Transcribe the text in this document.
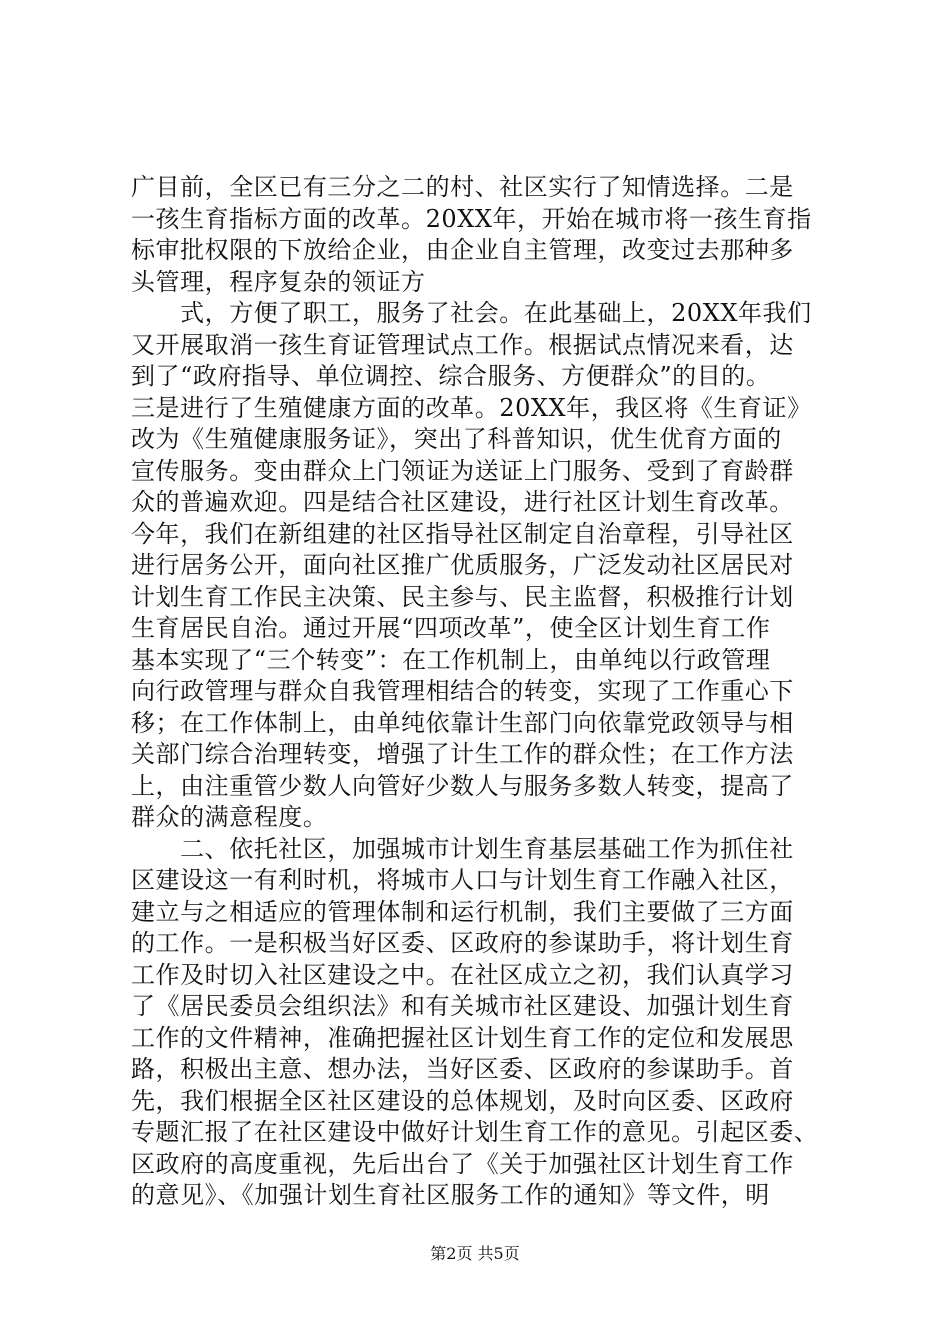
广目前，全区已有三分之二的村、社区实行了知情选择。二是
一孩生育指标方面的改革。20XX年，开始在城市将一孩生育指
标审批权限的下放给企业，由企业自主管理，改变过去那种多
头管理，程序复杂的领证方
　　式，方便了职工，服务了社会。在此基础上，20XX年我们
又开展取消一孩生育证管理试点工作。根据试点情况来看，达
到了“政府指导、单位调控、综合服务、方便群众”的目的。
三是进行了生殖健康方面的改革。20XX年，我区将《生育证》
改为《生殖健康服务证》，突出了科普知识，优生优育方面的
宣传服务。变由群众上门领证为送证上门服务、受到了育龄群
众的普遍欢迎。四是结合社区建设，进行社区计划生育改革。
今年，我们在新组建的社区指导社区制定自治章程，引导社区
进行居务公开，面向社区推广优质服务，广泛发动社区居民对
计划生育工作民主决策、民主参与、民主监督，积极推行计划
生育居民自治。通过开展“四项改革”，使全区计划生育工作
基本实现了“三个转变”：在工作机制上，由单纯以行政管理
向行政管理与群众自我管理相结合的转变，实现了工作重心下
移；在工作体制上，由单纯依靠计生部门向依靠党政领导与相
关部门综合治理转变，增强了计生工作的群众性；在工作方法
上，由注重管少数人向管好少数人与服务多数人转变，提高了
群众的满意程度。
　　二、依托社区，加强城市计划生育基层基础工作为抓住社
区建设这一有利时机，将城市人口与计划生育工作融入社区，
建立与之相适应的管理体制和运行机制，我们主要做了三方面
的工作。一是积极当好区委、区政府的参谋助手，将计划生育
工作及时切入社区建设之中。在社区成立之初，我们认真学习
了《居民委员会组织法》和有关城市社区建设、加强计划生育
工作的文件精神，准确把握社区计划生育工作的定位和发展思
路，积极出主意、想办法，当好区委、区政府的参谋助手。首
先，我们根据全区社区建设的总体规划，及时向区委、区政府
专题汇报了在社区建设中做好计划生育工作的意见。引起区委、
区政府的高度重视，先后出台了《关于加强社区计划生育工作
的意见》、《加强计划生育社区服务工作的通知》等文件，明
第2页 共5页
